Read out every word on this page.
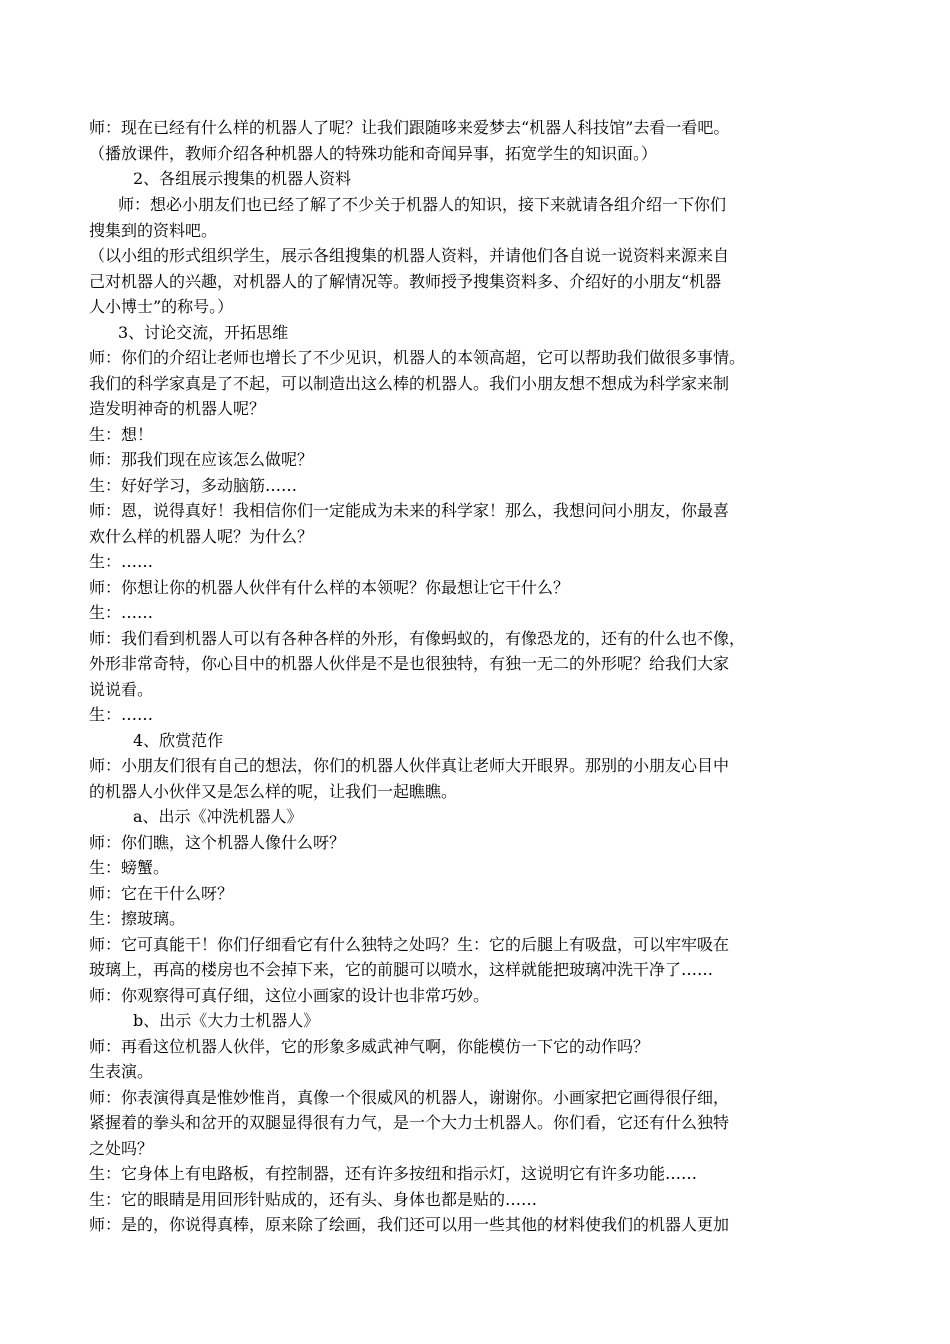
师：现在已经有什么样的机器人了呢？让我们跟随哆来爱梦去“机器人科技馆”去看一看吧。
（播放课件，教师介绍各种机器人的特殊功能和奇闻异事，拓宽学生的知识面。）
2、各组展示搜集的机器人资料
师：想必小朋友们也已经了解了不少关于机器人的知识，接下来就请各组介绍一下你们
搜集到的资料吧。
（以小组的形式组织学生，展示各组搜集的机器人资料，并请他们各自说一说资料来源来自
己对机器人的兴趣，对机器人的了解情况等。教师授予搜集资料多、介绍好的小朋友“机器
人小博士”的称号。）
3、讨论交流，开拓思维
师：你们的介绍让老师也增长了不少见识，机器人的本领高超，它可以帮助我们做很多事情。
我们的科学家真是了不起，可以制造出这么棒的机器人。我们小朋友想不想成为科学家来制
造发明神奇的机器人呢？
生：想！
师：那我们现在应该怎么做呢？
生：好好学习，多动脑筋……
师：恩，说得真好！我相信你们一定能成为未来的科学家！那么，我想问问小朋友，你最喜
欢什么样的机器人呢？为什么？
生：……
师：你想让你的机器人伙伴有什么样的本领呢？你最想让它干什么？
生：……
师：我们看到机器人可以有各种各样的外形，有像蚂蚁的，有像恐龙的，还有的什么也不像，
外形非常奇特，你心目中的机器人伙伴是不是也很独特，有独一无二的外形呢？给我们大家
说说看。
生：……
4、欣赏范作
师：小朋友们很有自己的想法，你们的机器人伙伴真让老师大开眼界。那别的小朋友心目中
的机器人小伙伴又是怎么样的呢，让我们一起瞧瞧。
a、出示《冲洗机器人》
师：你们瞧，这个机器人像什么呀？
生：螃蟹。
师：它在干什么呀？
生：擦玻璃。
师：它可真能干！你们仔细看它有什么独特之处吗？生：它的后腿上有吸盘，可以牢牢吸在
玻璃上，再高的楼房也不会掉下来，它的前腿可以喷水，这样就能把玻璃冲洗干净了……
师：你观察得可真仔细，这位小画家的设计也非常巧妙。
b、出示《大力士机器人》
师：再看这位机器人伙伴，它的形象多威武神气啊，你能模仿一下它的动作吗？
生表演。
师：你表演得真是惟妙惟肖，真像一个很威风的机器人，谢谢你。小画家把它画得很仔细，
紧握着的拳头和岔开的双腿显得很有力气，是一个大力士机器人。你们看，它还有什么独特
之处吗？
生：它身体上有电路板，有控制器，还有许多按纽和指示灯，这说明它有许多功能……
生：它的眼睛是用回形针贴成的，还有头、身体也都是贴的……
师：是的，你说得真棒，原来除了绘画，我们还可以用一些其他的材料使我们的机器人更加
